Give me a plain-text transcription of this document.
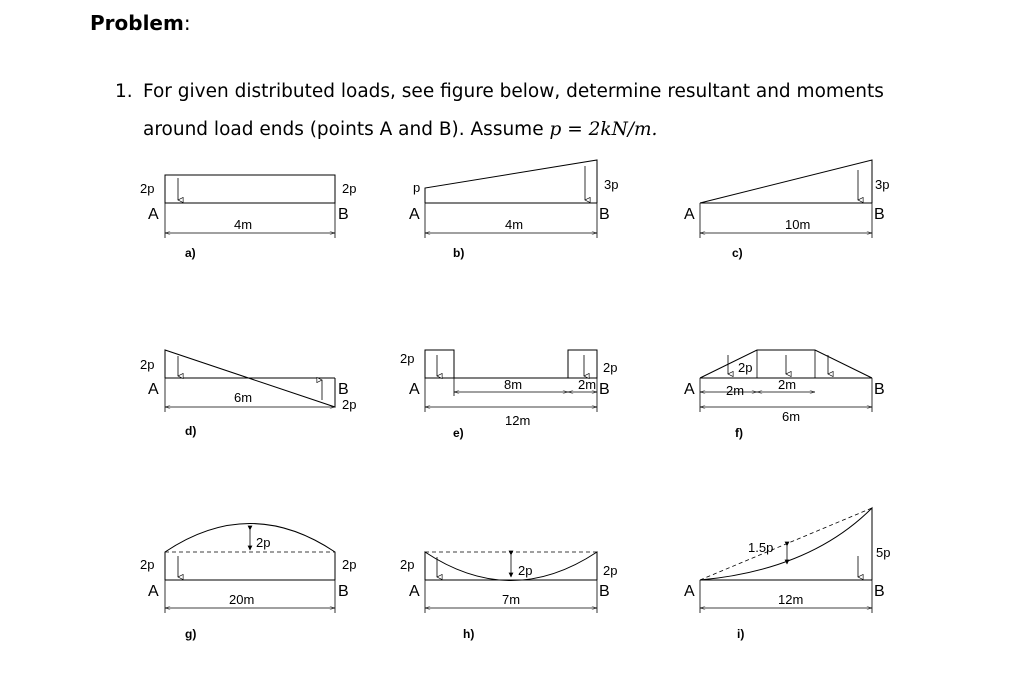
Problem:
1. For given distributed loads, see figure below, determine resultant and moments around load ends (points A and B). Assume p = 2kN/m.
2p	2p
A	B
4m
a)
p	3p
A	B
4m
b)
3p
A	B
10m
c)
2p
2p
A	B
6m
d)
2p
2p
A	B
8m	2m
12m
e)
2p
A	B
2m	2m
6m
f)
2p	2p
2p
A	B
20m
g)
2p	2p
2p
A	B
7m
h)
1.5p	5p
A	B
12m
i)
